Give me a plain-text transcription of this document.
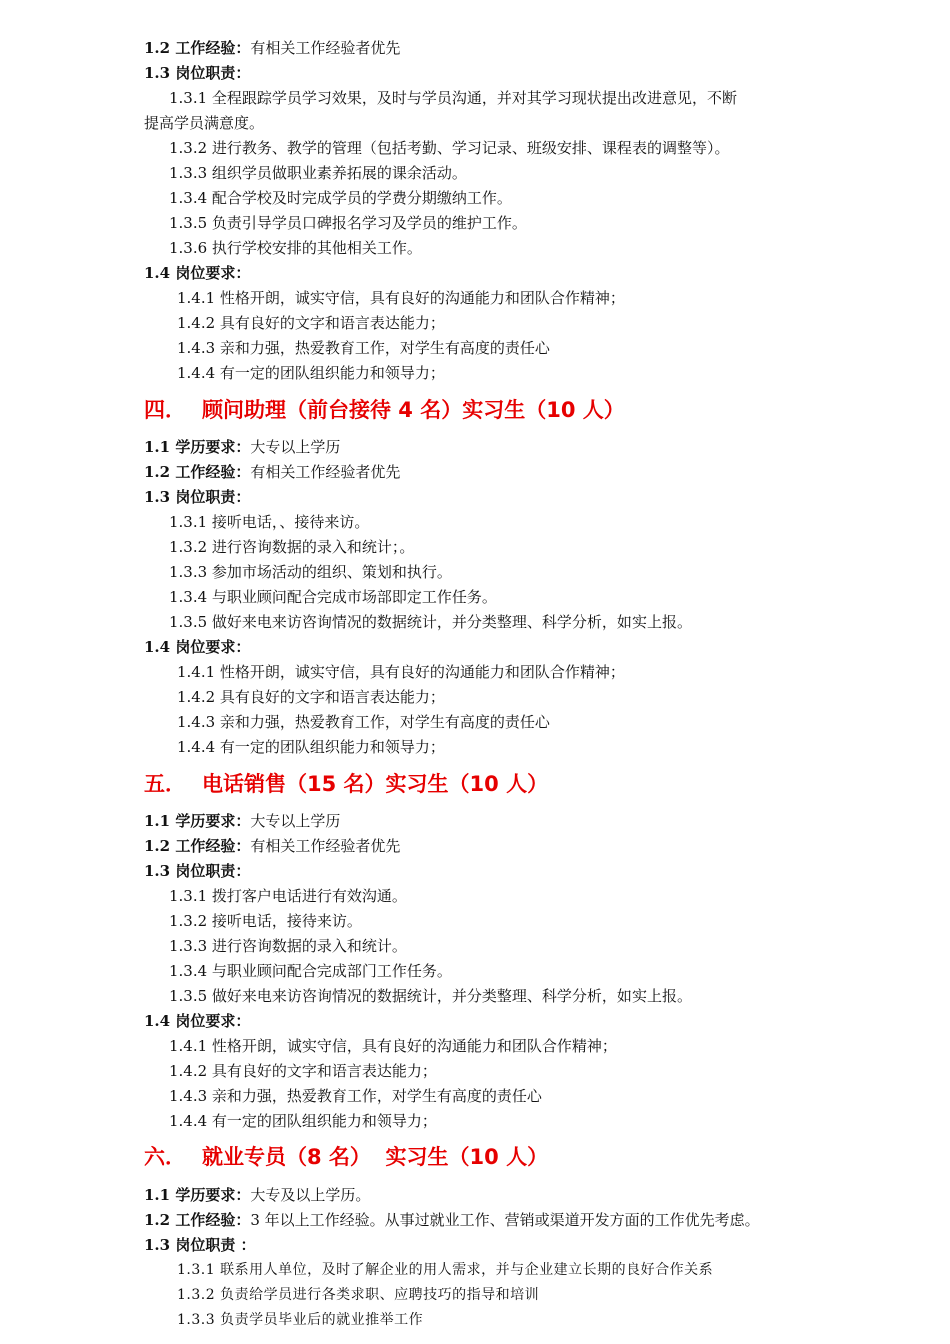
1.2 工作经验：有相关工作经验者优先
1.3 岗位职责：
1.3.1 全程跟踪学员学习效果，及时与学员沟通，并对其学习现状提出改进意见，不断
提高学员满意度。
1.3.2 进行教务、教学的管理（包括考勤、学习记录、班级安排、课程表的调整等）。
1.3.3 组织学员做职业素养拓展的课余活动。
1.3.4 配合学校及时完成学员的学费分期缴纳工作。
1.3.5 负责引导学员口碑报名学习及学员的维护工作。
1.3.6 执行学校安排的其他相关工作。
1.4 岗位要求：
1.4.1 性格开朗，诚实守信，具有良好的沟通能力和团队合作精神；
1.4.2 具有良好的文字和语言表达能力；
1.4.3 亲和力强，热爱教育工作，对学生有高度的责任心
1.4.4 有一定的团队组织能力和领导力；
四． 顾问助理（前台接待 4 名）实习生（10 人）
1.1 学历要求：大专以上学历
1.2 工作经验：有相关工作经验者优先
1.3 岗位职责：
1.3.1 接听电话，、接待来访。
1.3.2 进行咨询数据的录入和统计；。
1.3.3 参加市场活动的组织、策划和执行。
1.3.4 与职业顾问配合完成市场部即定工作任务。
1.3.5 做好来电来访咨询情况的数据统计，并分类整理、科学分析，如实上报。
1.4 岗位要求：
1.4.1 性格开朗，诚实守信，具有良好的沟通能力和团队合作精神；
1.4.2 具有良好的文字和语言表达能力；
1.4.3 亲和力强，热爱教育工作，对学生有高度的责任心
1.4.4 有一定的团队组织能力和领导力；
五． 电话销售（15 名）实习生（10 人）
1.1 学历要求：大专以上学历
1.2 工作经验：有相关工作经验者优先
1.3 岗位职责：
1.3.1 拨打客户电话进行有效沟通。
1.3.2 接听电话，接待来访。
1.3.3 进行咨询数据的录入和统计。
1.3.4 与职业顾问配合完成部门工作任务。
1.3.5 做好来电来访咨询情况的数据统计，并分类整理、科学分析，如实上报。
1.4 岗位要求：
1.4.1 性格开朗，诚实守信，具有良好的沟通能力和团队合作精神；
1.4.2 具有良好的文字和语言表达能力；
1.4.3 亲和力强，热爱教育工作，对学生有高度的责任心
1.4.4 有一定的团队组织能力和领导力；
六． 就业专员（8 名）  实习生（10 人）
1.1 学历要求：大专及以上学历。
1.2 工作经验：3 年以上工作经验。从事过就业工作、营销或渠道开发方面的工作优先考虑。
1.3 岗位职责 ：
1.3.1 联系用人单位，及时了解企业的用人需求，并与企业建立长期的良好合作关系
1.3.2 负责给学员进行各类求职、应聘技巧的指导和培训
1.3.3 负责学员毕业后的就业推举工作
